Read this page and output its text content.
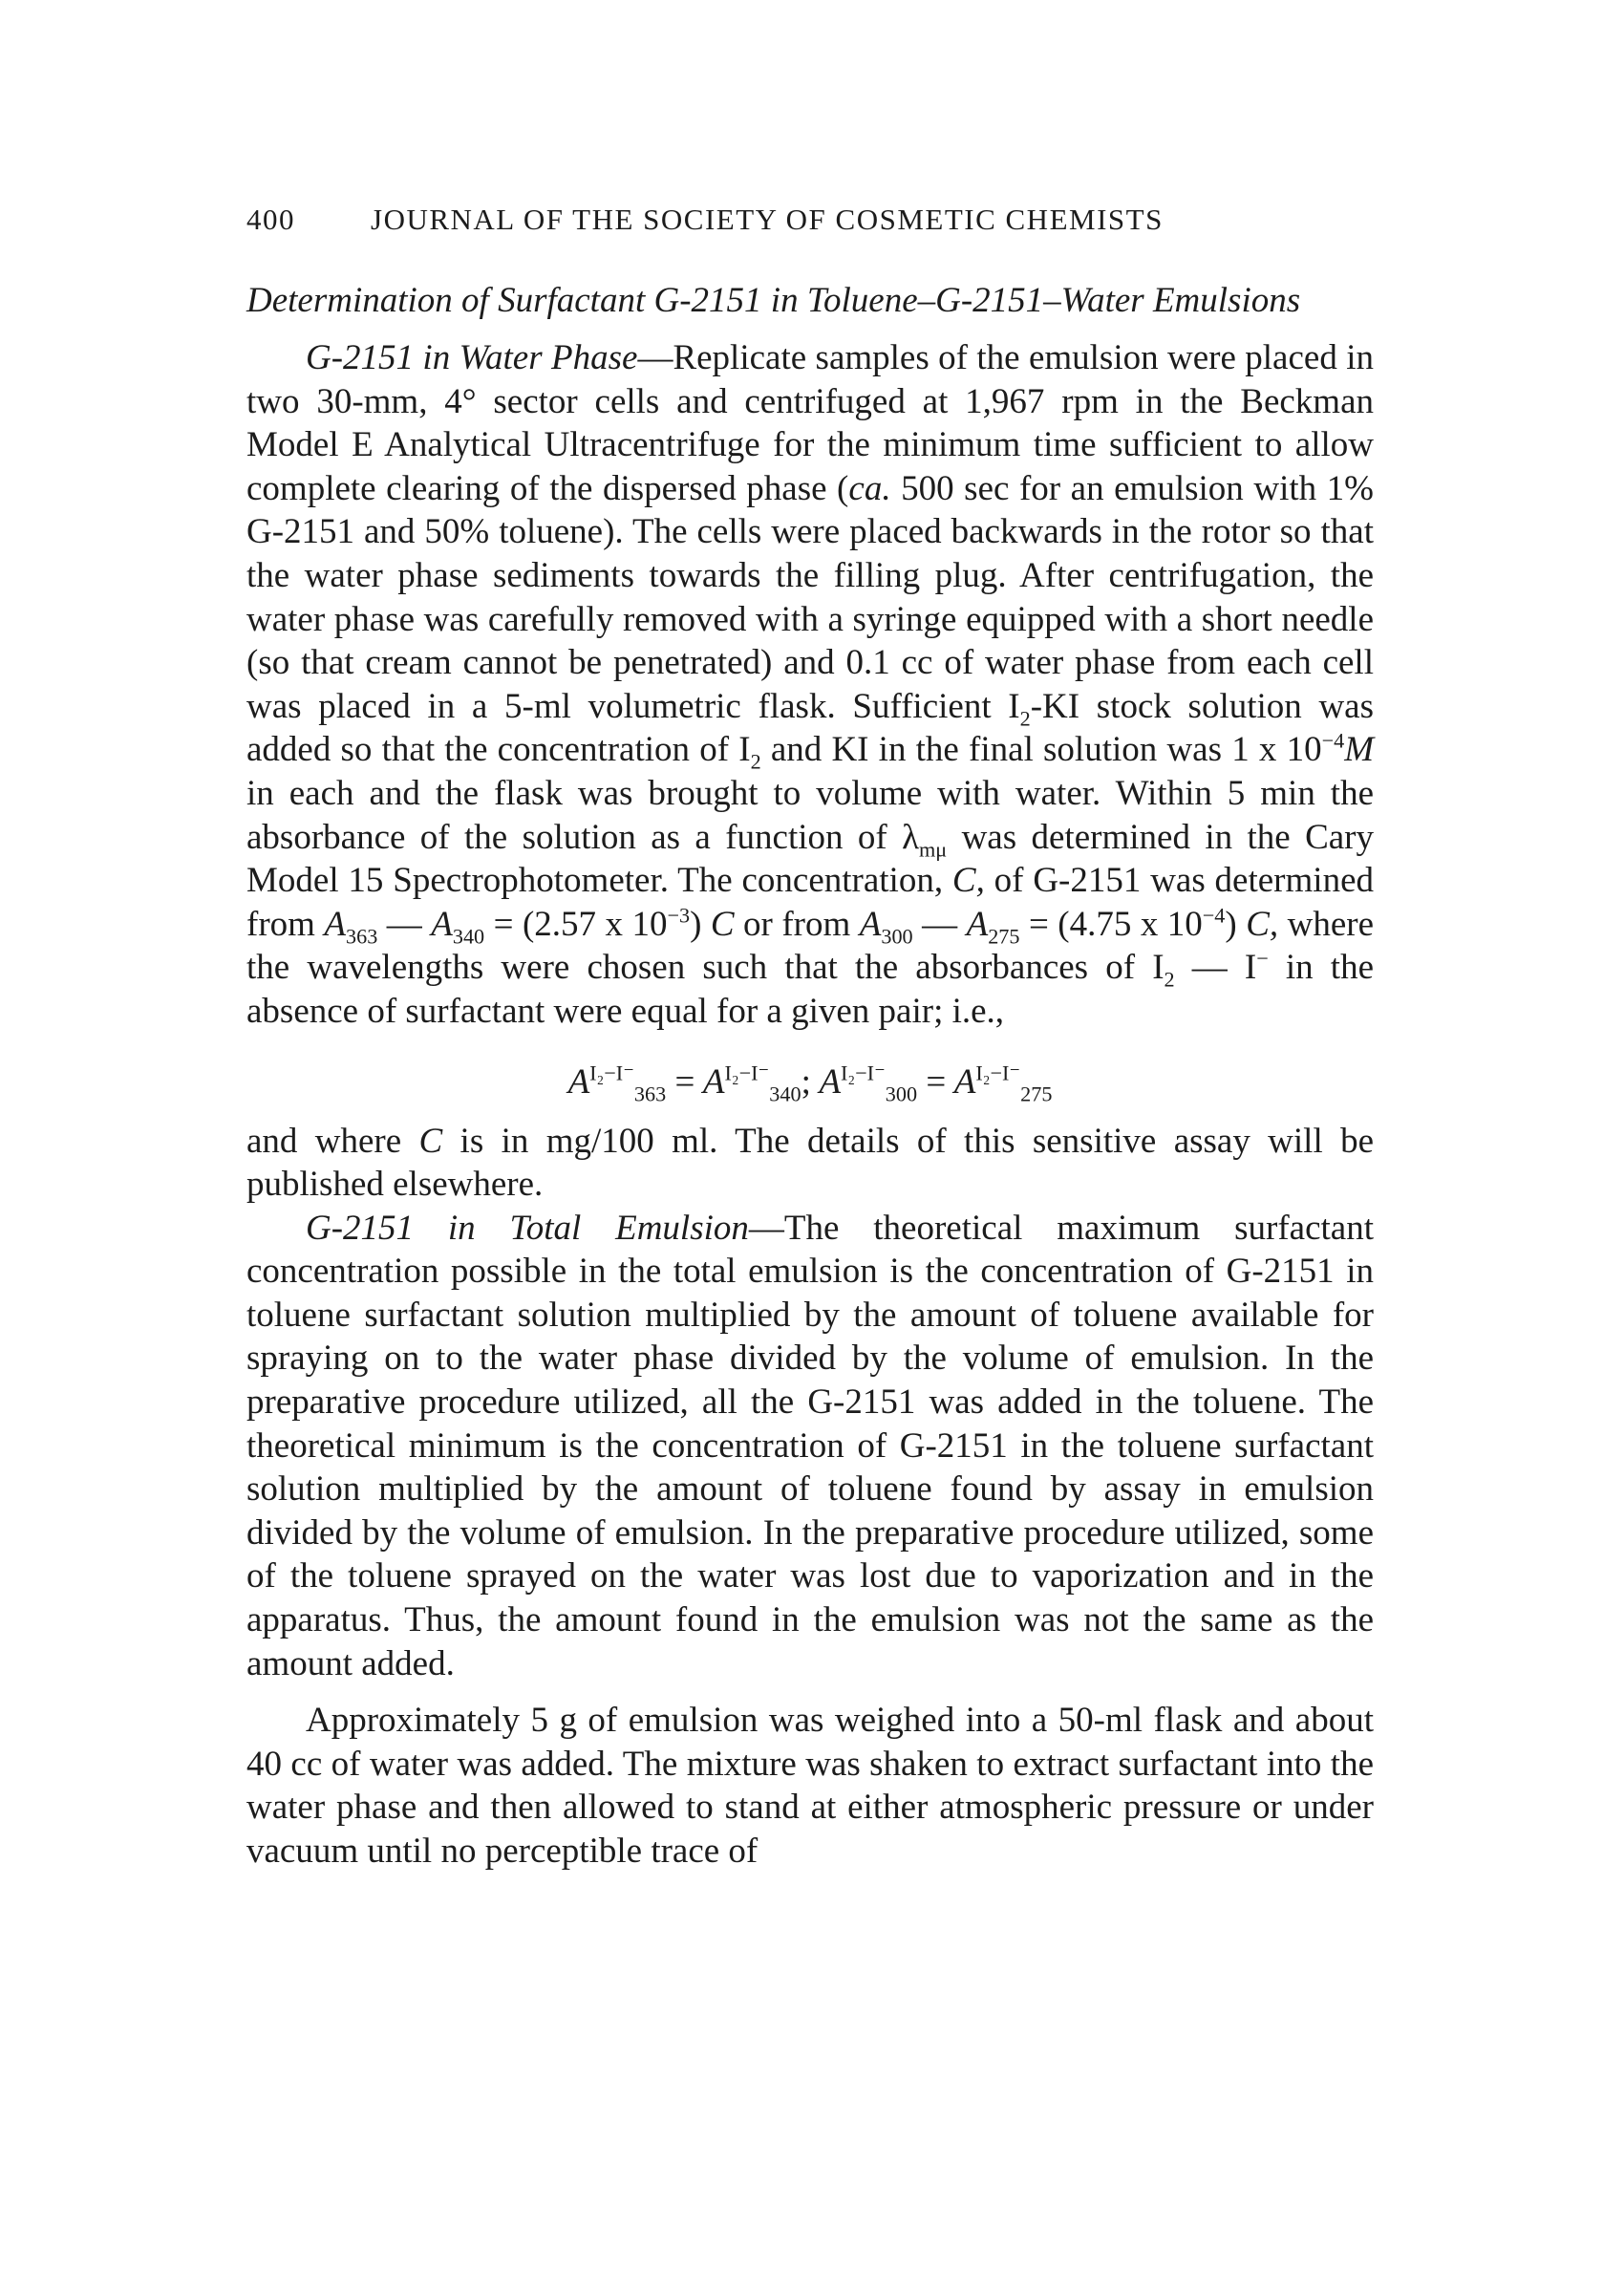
400	JOURNAL OF THE SOCIETY OF COSMETIC CHEMISTS
Determination of Surfactant G-2151 in Toluene–G-2151–Water Emulsions

G-2151 in Water Phase—Replicate samples of the emulsion were placed in two 30-mm, 4° sector cells and centrifuged at 1,967 rpm in the Beckman Model E Analytical Ultracentrifuge for the minimum time sufficient to allow complete clearing of the dispersed phase (ca. 500 sec for an emulsion with 1% G-2151 and 50% toluene). The cells were placed backwards in the rotor so that the water phase sediments towards the filling plug. After centrifugation, the water phase was carefully removed with a syringe equipped with a short needle (so that cream cannot be penetrated) and 0.1 cc of water phase from each cell was placed in a 5-ml volumetric flask. Sufficient $I_2-KI$ stock solution was added so that the concentration of $I_2$ and KI in the final solution was 1 x $10^{-4}M$ in each and the flask was brought to volume with water. Within 5 min the absorbance of the solution as a function of $\lambda_{m\mu}$ was determined in the Cary Model 15 Spectrophotometer. The concentration, C, of G-2151 was determined from $A_{363}$ — $A_{340} = (2.57$ x $10^{-3}$) C or from $A_{300}$ — $A_{275} = (4.75$ x $10^{-4}$) C, where the wavelengths were chosen such that the absorbances of $I_2$ — I− in the absence of surfactant were equal for a given pair; i.e.,

$A^{I_2-I^-}_{363} = A^{I_2-I^-}_{340}$; $A^{I_2-I^-}_{300} = A^{I_2-I^-}_{275}$

and where C is in mg/100 ml. The details of this sensitive assay will be published elsewhere.

G-2151 in Total Emulsion—The theoretical maximum surfactant concentration possible in the total emulsion is the concentration of G-2151 in toluene surfactant solution multiplied by the amount of toluene available for spraying on to the water phase divided by the volume of emulsion. In the preparative procedure utilized, all the G-2151 was added in the toluene. The theoretical minimum is the concentration of G-2151 in the toluene surfactant solution multiplied by the amount of toluene found by assay in emulsion divided by the volume of emulsion. In the preparative procedure utilized, some of the toluene sprayed on the water was lost due to vaporization and in the apparatus. Thus, the amount found in the emulsion was not the same as the amount added.

Approximately 5 g of emulsion was weighed into a 50-ml flask and about 40 cc of water was added. The mixture was shaken to extract surfactant into the water phase and then allowed to stand at either atmospheric pressure or under vacuum until no perceptible trace of
